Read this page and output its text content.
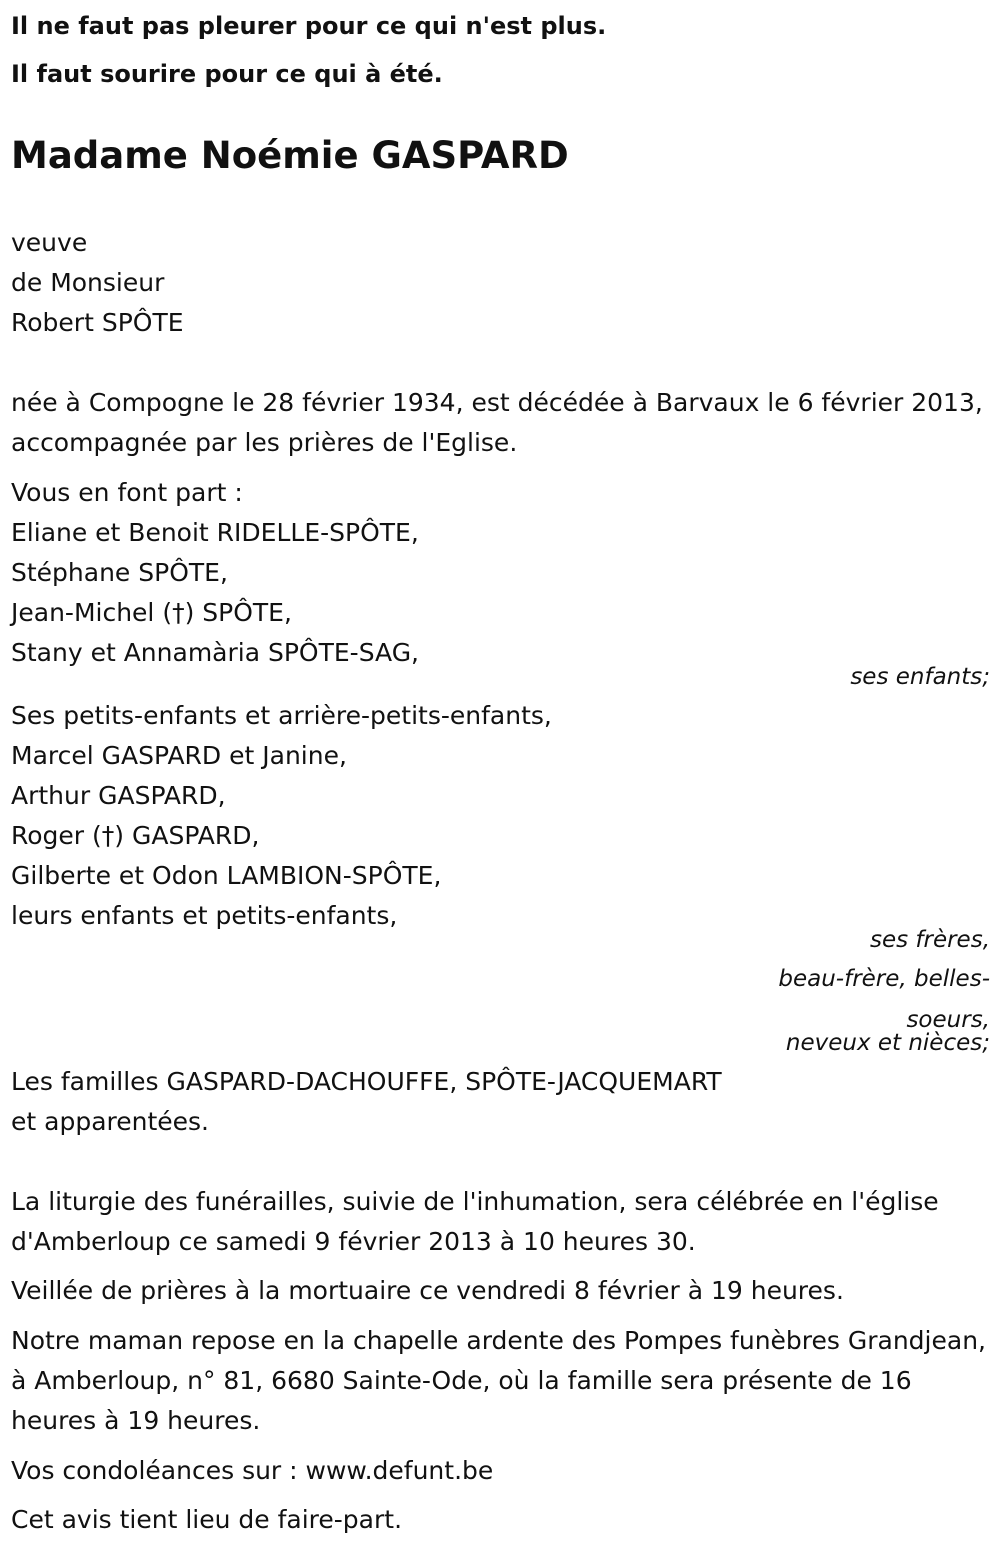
Il ne faut pas pleurer pour ce qui n'est plus.
Il faut sourire pour ce qui à été.
Madame Noémie GASPARD
veuve
de Monsieur
Robert SPÔTE
née à Compogne le 28 février 1934, est décédée à Barvaux le 6 février 2013, accompagnée par les prières de l'Eglise.
Vous en font part :
Eliane et Benoit RIDELLE-SPÔTE,
Stéphane SPÔTE,
Jean-Michel (†) SPÔTE,
Stany et Annamària SPÔTE-SAG,
ses enfants;
Ses petits-enfants et arrière-petits-enfants,
Marcel GASPARD et Janine,
Arthur GASPARD,
Roger (†) GASPARD,
Gilberte et Odon LAMBION-SPÔTE,
leurs enfants et petits-enfants,
ses frères,
beau-frère, belles-
soeurs,
neveux et nièces;
Les familles GASPARD-DACHOUFFE, SPÔTE-JACQUEMART
et apparentées.
La liturgie des funérailles, suivie de l'inhumation, sera célébrée en l'église d'Amberloup ce samedi 9 février 2013 à 10 heures 30.
Veillée de prières à la mortuaire ce vendredi 8 février à 19 heures.
Notre maman repose en la chapelle ardente des Pompes funèbres Grandjean, à Amberloup, n° 81, 6680 Sainte-Ode, où la famille sera présente de 16 heures à 19 heures.
Vos condoléances sur : www.defunt.be
Cet avis tient lieu de faire-part.
